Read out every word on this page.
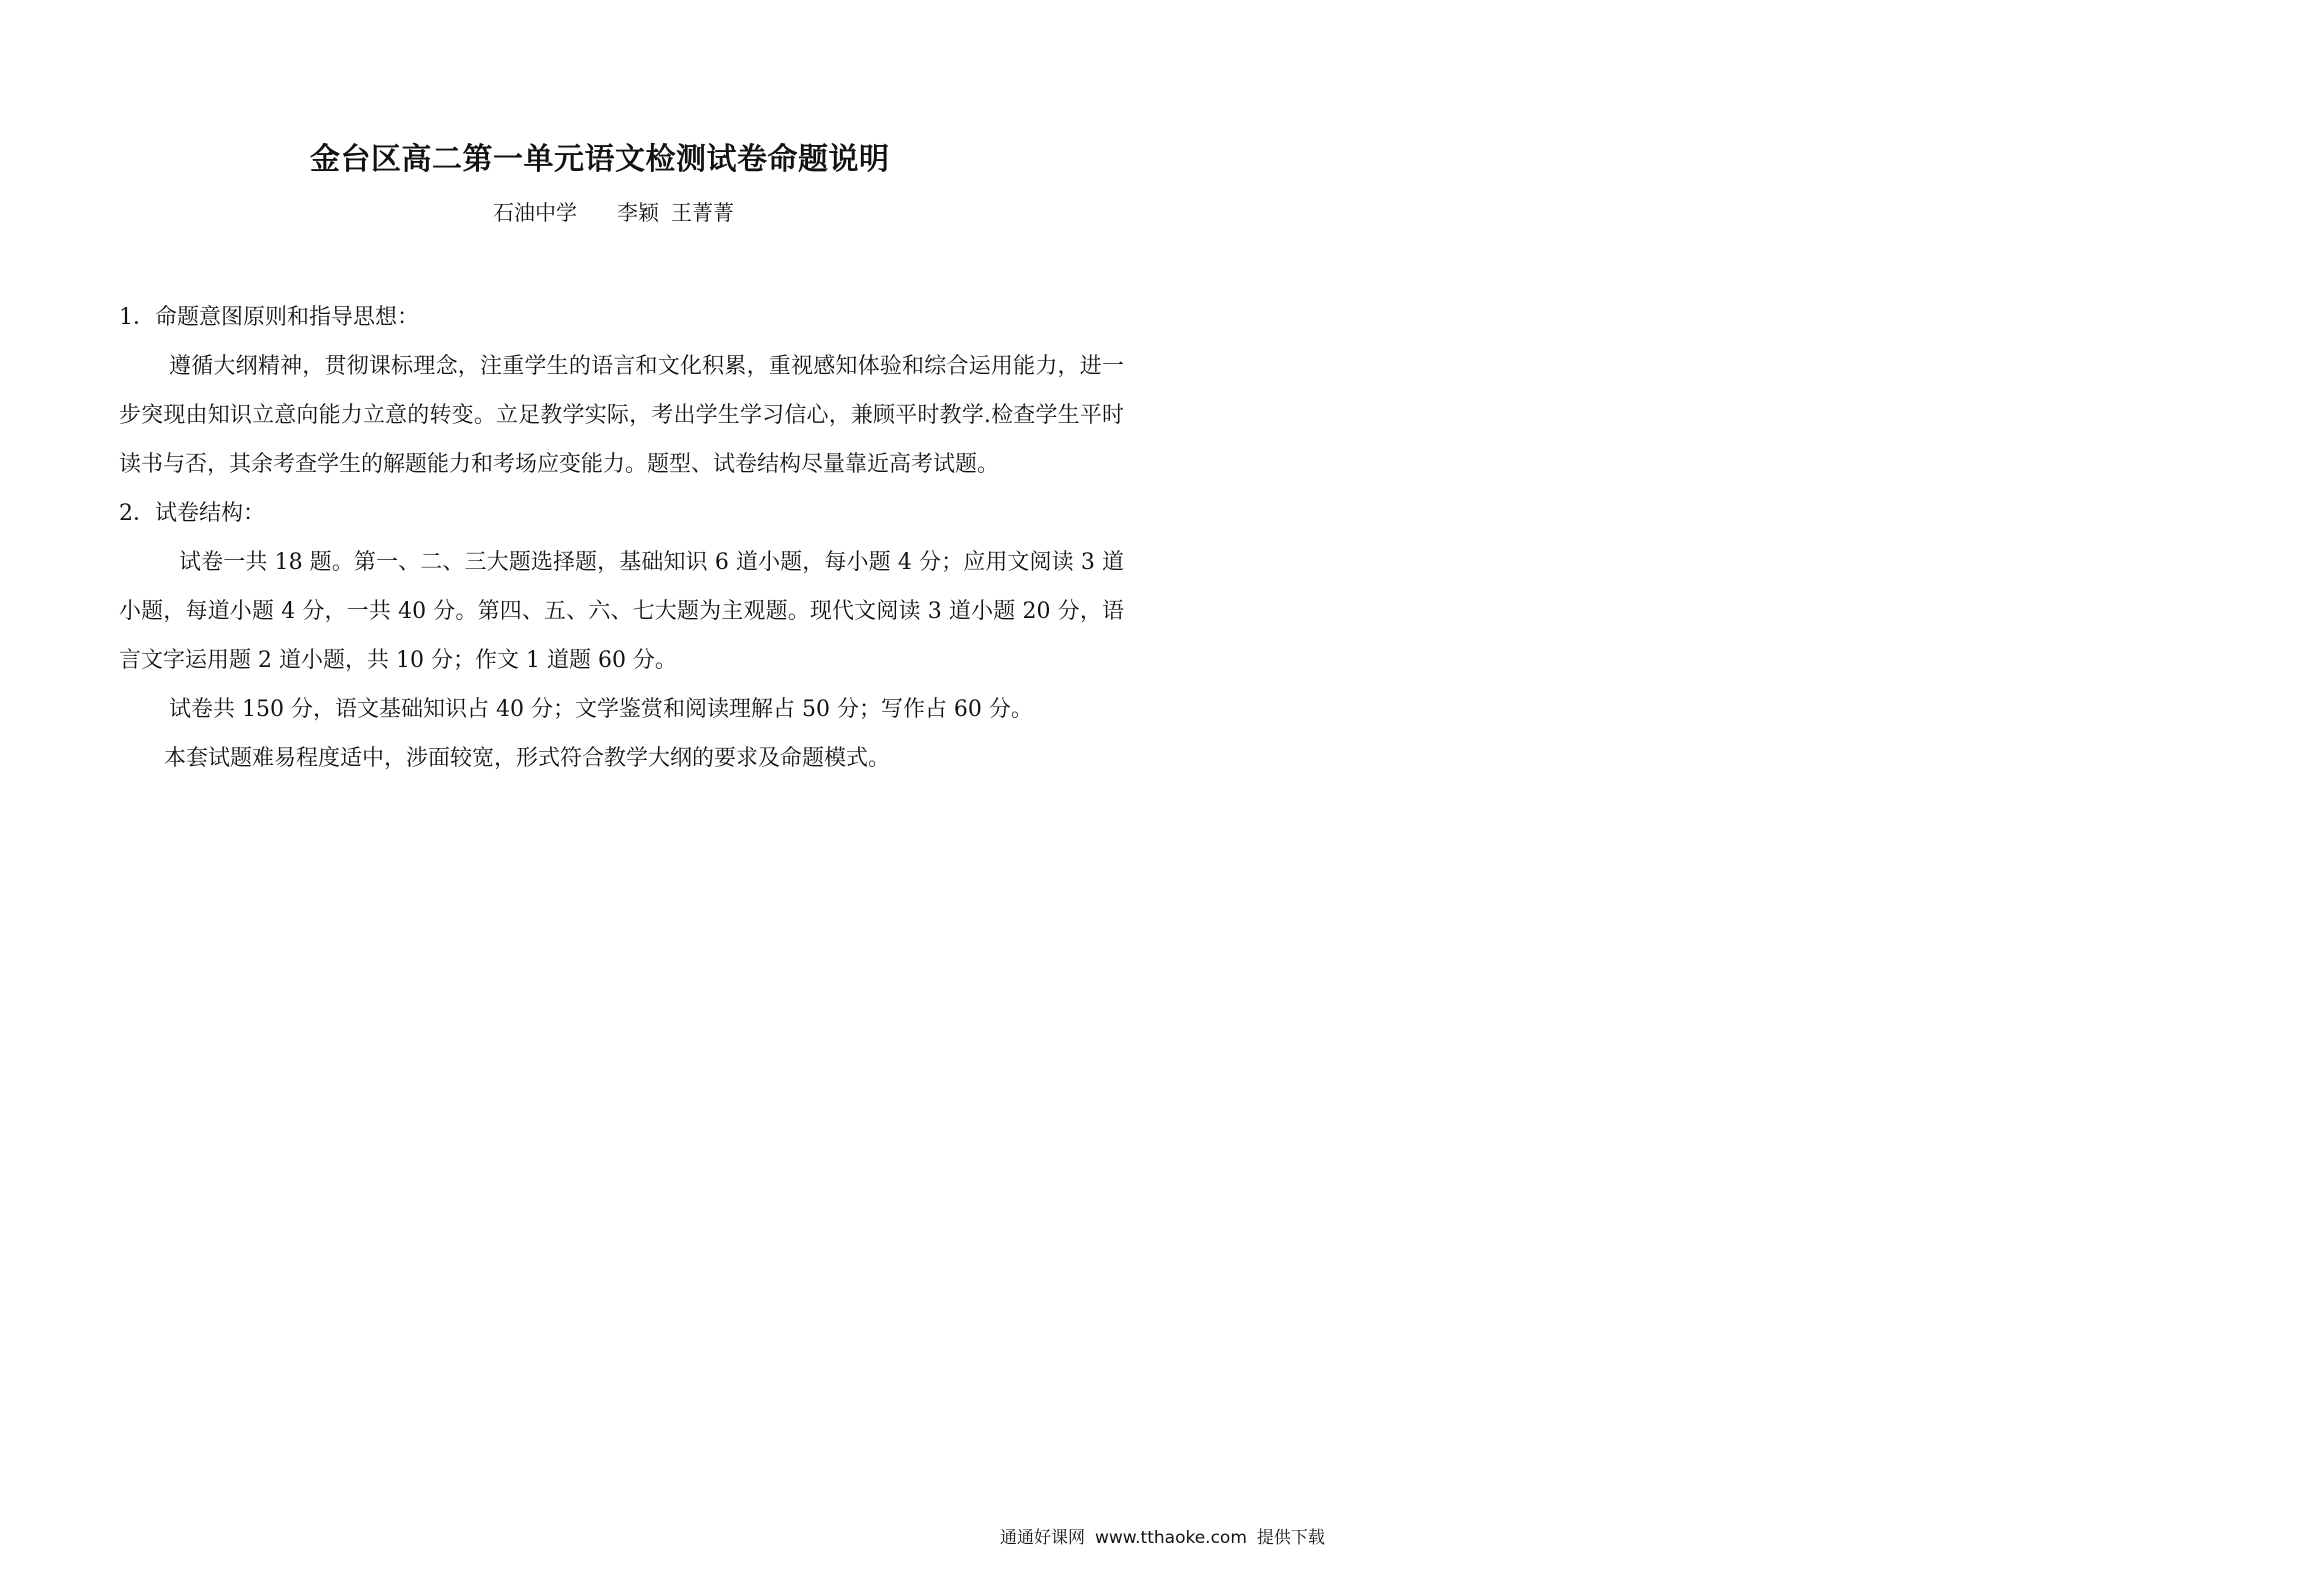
金台区高二第一单元语文检测试卷命题说明
石油中学 李颖 王菁菁

1．命题意图原则和指导思想：

遵循大纲精神，贯彻课标理念，注重学生的语言和文化积累，重视感知体验和综合运用能力，进一步突现由知识立意向能力立意的转变。立足教学实际，考出学生学习信心，兼顾平时教学.检查学生平时读书与否，其余考查学生的解题能力和考场应变能力。题型、试卷结构尽量靠近高考试题。

2．试卷结构：

试卷一共 18 题。第一、二、三大题选择题，基础知识 6 道小题，每小题 4 分；应用文阅读 3 道小题，每道小题 4 分，一共 40 分。第四、五、六、七大题为主观题。现代文阅读 3 道小题 20 分，语言文字运用题 2 道小题，共 10 分；作文 1 道题 60 分。

试卷共 150 分，语文基础知识占 40 分；文学鉴赏和阅读理解占 50 分；写作占 60 分。

本套试题难易程度适中，涉面较宽，形式符合教学大纲的要求及命题模式。

通通好课网 www.tthaoke.com 提供下载
